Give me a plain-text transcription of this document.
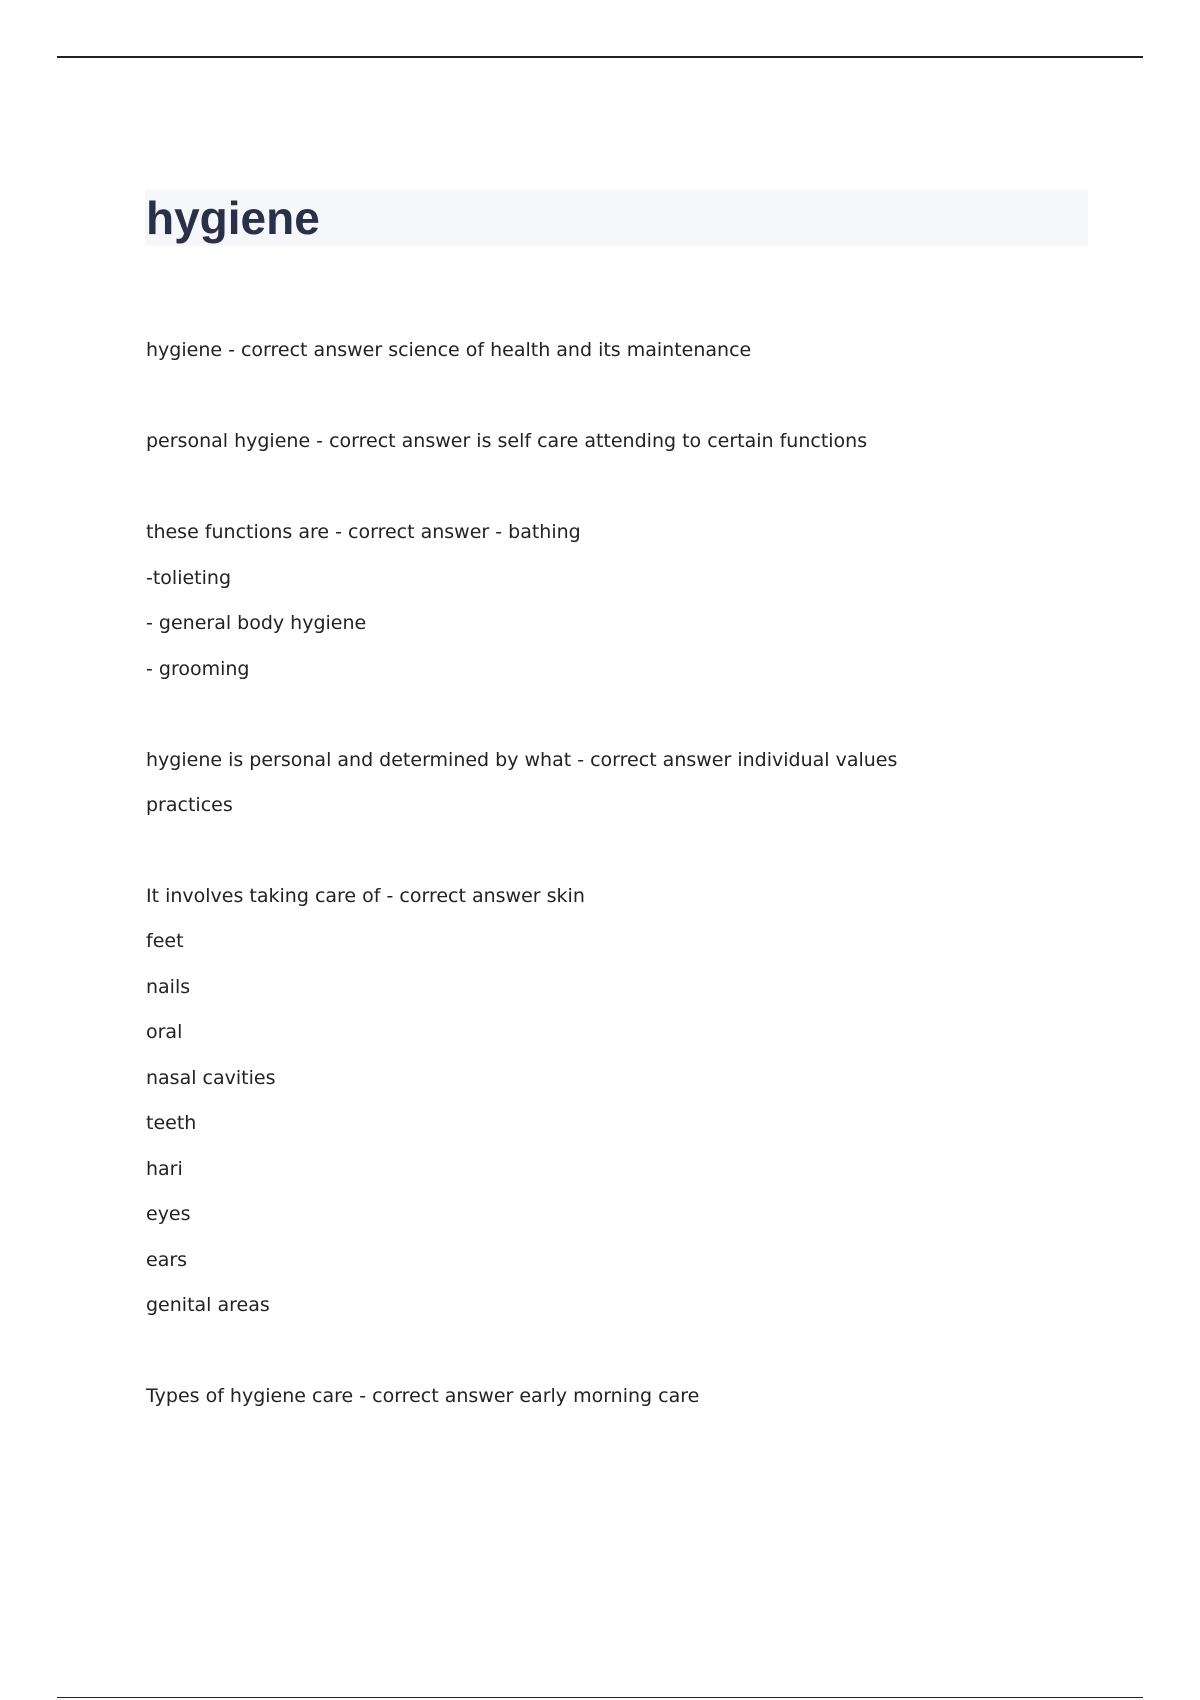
hygiene
hygiene - correct answer science of health and its maintenance
personal hygiene - correct answer is self care attending to certain functions
these functions are - correct answer - bathing
-tolieting
- general body hygiene
- grooming
hygiene is personal and determined by what - correct answer individual values
practices
It involves taking care of - correct answer skin
feet
nails
oral
nasal cavities
teeth
hari
eyes
ears
genital areas
Types of hygiene care - correct answer early morning care
